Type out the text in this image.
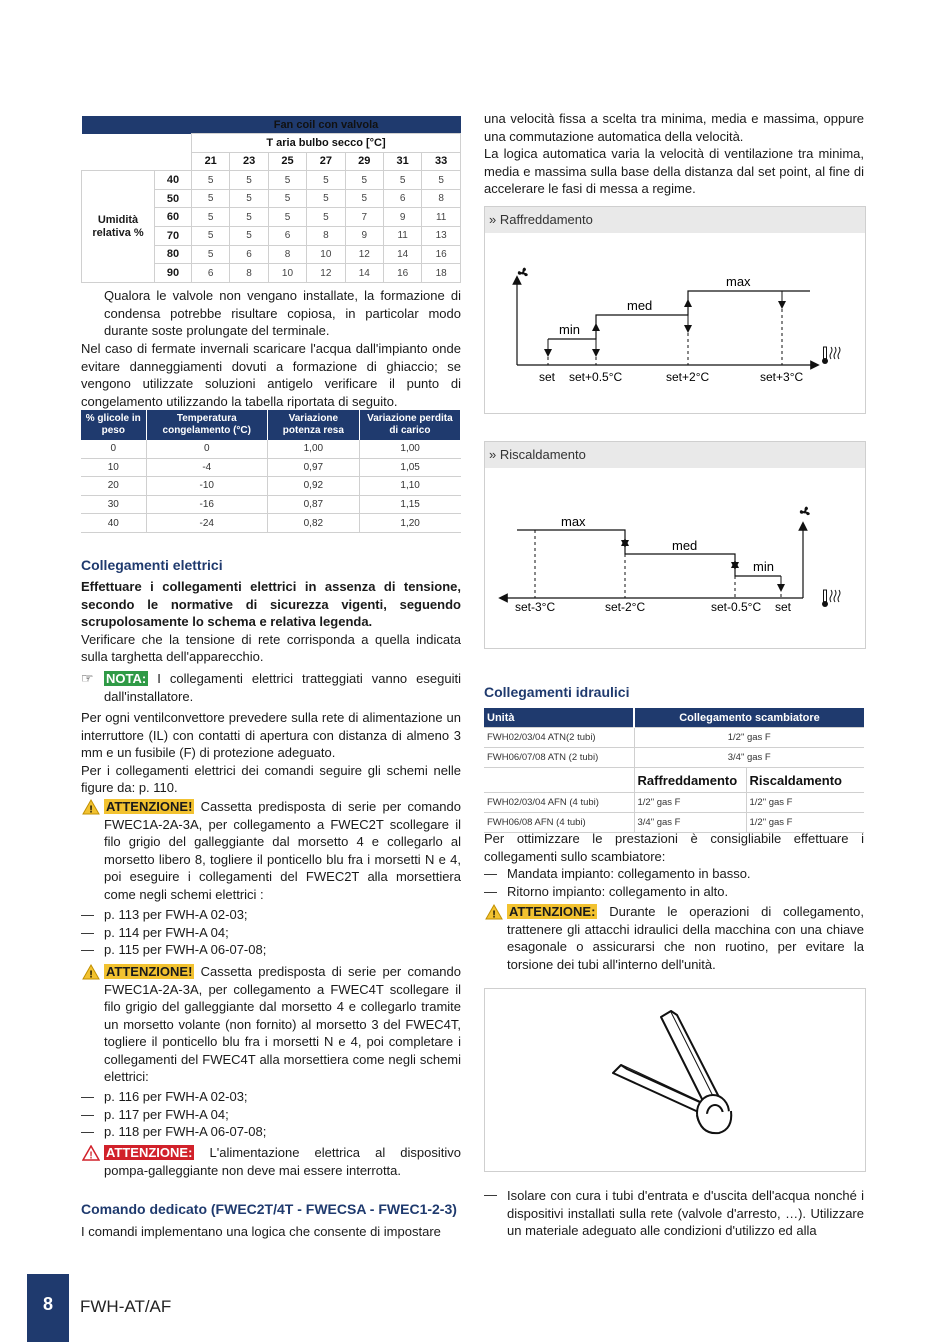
		Fan coil con valvola						
		T aria bulbo secco [°C]						
		21	23	25	27	29	31	33
Umidità relativa %	40	5	5	5	5	5	5	5
	50	5	5	5	5	5	6	8
	60	5	5	5	5	7	9	11
	70	5	5	6	8	9	11	13
	80	5	6	8	10	12	14	16
	90	6	8	10	12	14	16	18

Qualora le valvole non vengano installate, la formazione di condensa potrebbe risultare copiosa, in particolar modo durante soste prolungate del terminale.

Nel caso di fermate invernali scaricare l'acqua dall'impianto onde evitare danneggiamenti dovuti a formazione di ghiaccio; se vengono utilizzate soluzioni antigelo verificare il punto di congelamento utilizzando la tabella riportata di seguito.

% glicole in peso	Temperatura congelamento (°C)	Variazione potenza resa	Variazione perdita di carico
0	0	1,00	1,00
10	-4	0,97	1,05
20	-10	0,92	1,10
30	-16	0,87	1,15
40	-24	0,82	1,20
Collegamenti elettrici

Effettuare i collegamenti elettrici in assenza di tensione, secondo le normative di sicurezza vigenti, seguendo scrupolosamente lo schema e relativa legenda.

Verificare che la tensione di rete corrisponda a quella indicata sulla targhetta dell'apparecchio.

☞ NOTA: I collegamenti elettrici tratteggiati vanno eseguiti dall'installatore.

Per ogni ventilconvettore prevedere sulla rete di alimentazione un interruttore (IL) con contatti di apertura con distanza di almeno 3 mm e un fusibile (F) di protezione adeguato.

Per i collegamenti elettrici dei comandi seguire gli schemi nelle figure da: p. 110.

! ATTENZIONE! Cassetta predisposta di serie per comando FWEC1A-2A-3A, per collegamento a FWEC2T scollegare il filo grigio del galleggiante dal morsetto 4 e collegarlo al morsetto libero 8, togliere il ponticello blu fra i morsetti N e 4, poi eseguire i collegamenti del FWEC2T alla morsettiera come negli schemi elettrici :

— p. 113 per FWH-A 02-03;
— p. 114 per FWH-A 04;
— p. 115 per FWH-A 06-07-08;
! ATTENZIONE! Cassetta predisposta di serie per comando FWEC1A-2A-3A, per collegamento a FWEC4T scollegare il filo grigio del galleggiante dal morsetto 4 e collegarlo tramite un morsetto volante (non fornito) al morsetto 3 del FWEC4T, togliere il ponticello blu fra i morsetti N e 4, poi completare i collegamenti del FWEC4T alla morsettiera come negli schemi elettrici:

— p. 116 per FWH-A 02-03;
— p. 117 per FWH-A 04;
— p. 118 per FWH-A 06-07-08;
! ATTENZIONE: L'alimentazione elettrica al dispositivo pompa-galleggiante non deve mai essere interrotta.

Comando dedicato (FWEC2T/4T - FWECSA - FWEC1-2-3)

I comandi implementano una logica che consente di impostare

una velocità fissa a scelta tra minima, media e massima, oppure una commutazione automatica della velocità.

La logica automatica varia la velocità di ventilazione tra minima, media e massima sulla base della distanza dal set point, al fine di accelerare le fasi di messa a regime.

» Raffreddamento
min
med
max
set set+0.5°C	set+2°C	set+3°C
» Riscaldamento
max
med
min
set-3°C	set-2°C	set-0.5°C set
Collegamenti idraulici
Unità	Collegamento scambiatore	
FWH02/03/04 ATN(2 tubi)	1/2" gas F	
FWH06/07/08 ATN (2 tubi)	3/4" gas F	
	Raffreddamento	Riscaldamento
FWH02/03/04 AFN (4 tubi)	1/2" gas F	1/2" gas F
FWH06/08 AFN (4 tubi)	3/4" gas F	1/2" gas F

Per ottimizzare le prestazioni è consigliabile effettuare i collegamenti sullo scambiatore:

— Mandata impianto: collegamento in basso.
— Ritorno impianto: collegamento in alto.
! ATTENZIONE: Durante le operazioni di collegamento, trattenere gli attacchi idraulici della macchina con una chiave esagonale o assicurarsi che non ruotino, per evitare la torsione dei tubi all'interno dell'unità.

— Isolare con cura i tubi d'entrata e d'uscita dell'acqua nonché i dispositivi installati sulla rete (valvole d'arresto, …). Utilizzare un materiale adeguato alle condizioni d'utilizzo ed alla

8	FWH-AT/AF
